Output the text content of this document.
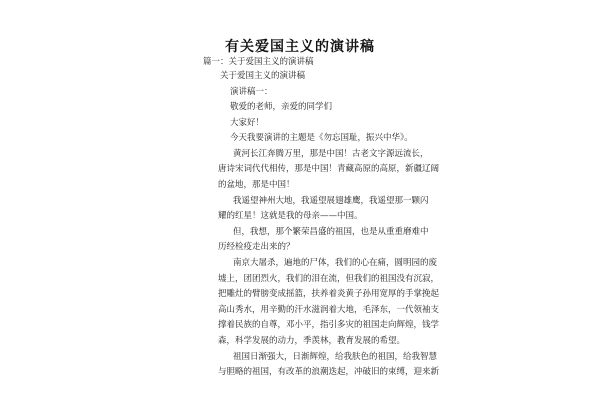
有关爱国主义的演讲稿
篇一：关于爱国主义的演讲稿
关于爱国主义的演讲稿
演讲稿一：
敬爱的老师，亲爱的同学们
大家好！
今天我要演讲的主题是《勿忘国耻，振兴中华》。
黄河长江奔腾万里，那是中国！古老文字源远流长，
唐诗宋词代代相传，那是中国！青藏高原的高原，新疆辽阔
的盆地，那是中国！
我遥望神州大地，我遥望展翅雄鹰，我遥望那一颗闪
耀的红星！这就是我的母亲——中国。
但，我想，那个繁荣昌盛的祖国，也是从重重磨难中
历经检疫走出来的？
南京大屠杀，遍地的尸体，我们的心在痛，圆明园的废
墟上，团团烈火，我们的泪在流，但我们的祖国没有沉寂，
把雕灶的臂膀变成摇篮，扶养着炎黄子孙用宽厚的手掌挽起
高山秀水，用辛勤的汗水滋润着大地，毛泽东，一代领袖支
撑着民族的自尊，邓小平，指引多灾的祖国走向辉煌，钱学
森，科学发展的动力，季羡林，教育发展的希望。
祖国日渐强大，日渐辉煌，给我肤色的祖国，给我智慧
与胆略的祖国，有改革的浪潮迭起，冲破旧的束缚，迎来新
